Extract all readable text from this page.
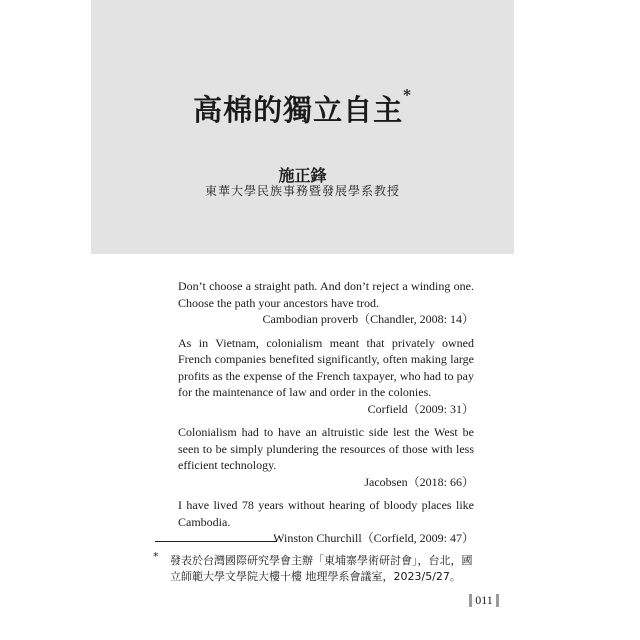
高棉的獨立自主*
施正鋒
東華大學民族事務暨發展學系教授

Don’t choose a straight path. And don’t reject a winding one. Choose the path your ancestors have trod.

Cambodian proverb（Chandler, 2008: 14）

As in Vietnam, colonialism meant that privately owned French companies benefited significantly, often making large profits as the expense of the French taxpayer, who had to pay for the maintenance of law and order in the colonies.

Corfield（2009: 31）

Colonialism had to have an altruistic side lest the West be seen to be simply plundering the resources of those with less efficient technology.

Jacobsen（2018: 66）

I have lived 78 years without hearing of bloody places like Cambodia.

Winston Churchill（Corfield, 2009: 47）

* 發表於台灣國際研究學會主辦「東埔寨學術研討會」，台北，國立師範大學文學院大樓十樓 地理學系會議室，2023/5/27。
011
